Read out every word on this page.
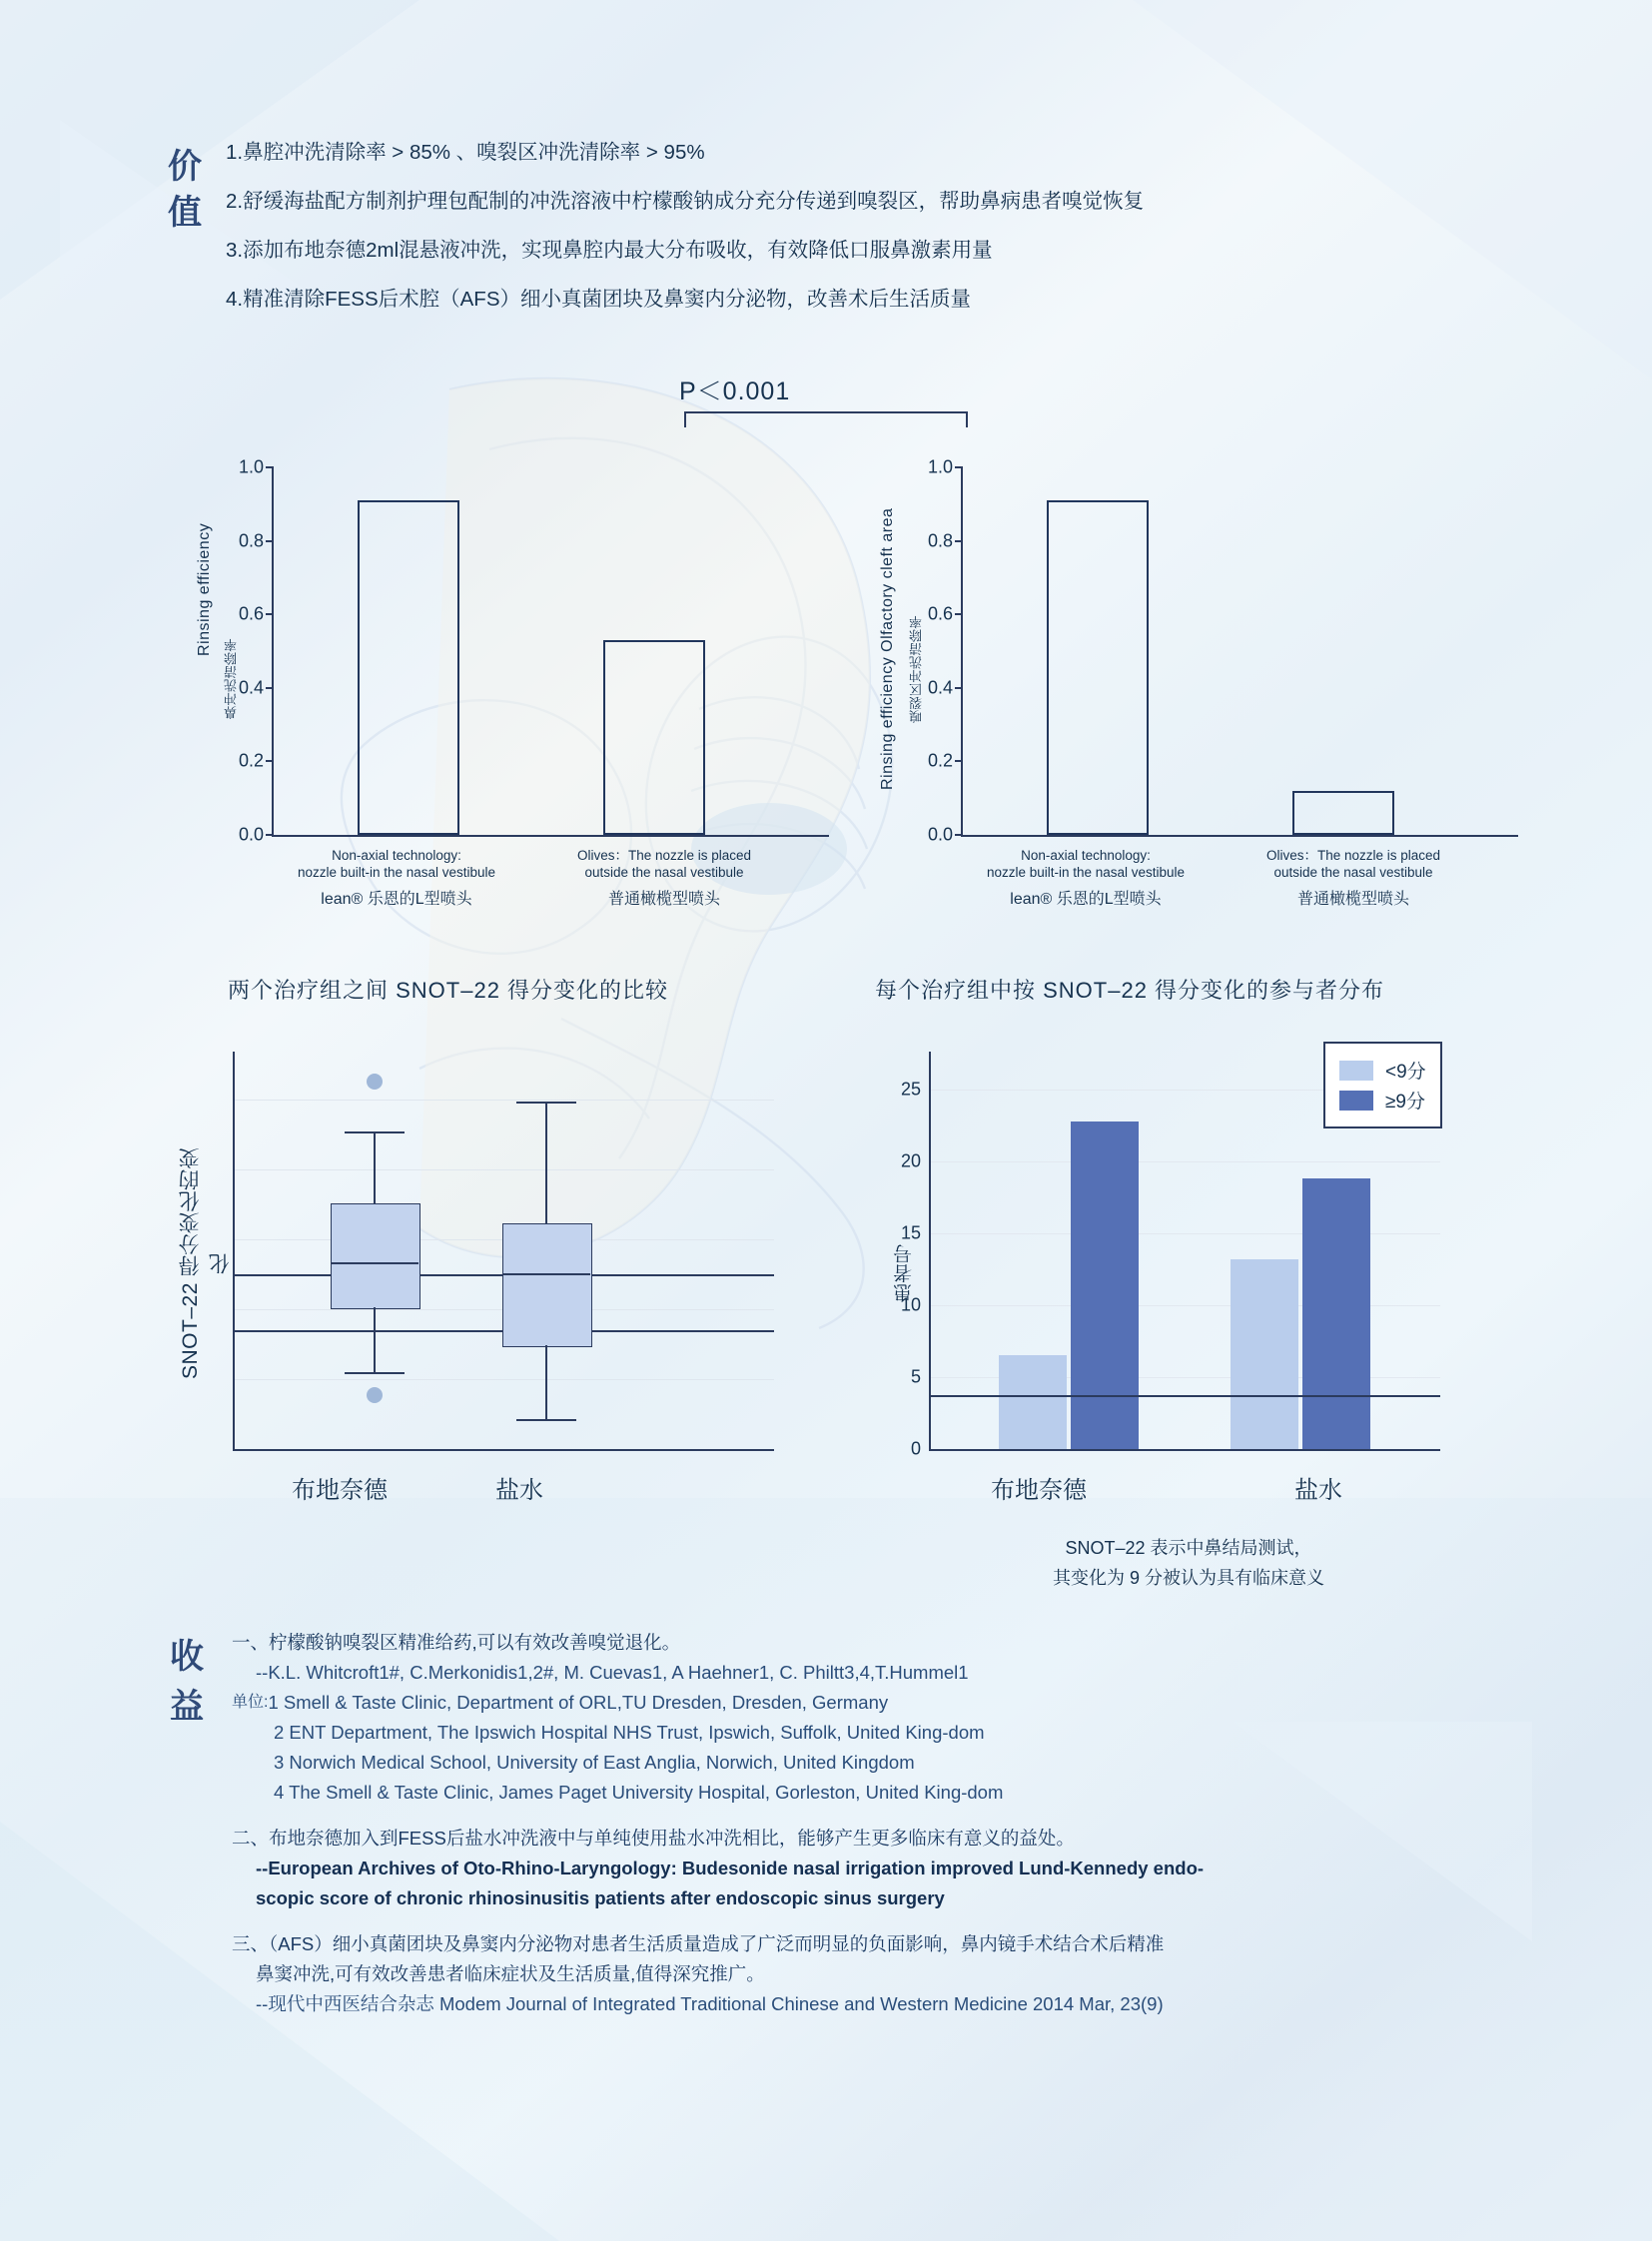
价
值
1.鼻腔冲洗清除率 > 85% 、嗅裂区冲洗清除率 > 95%
2.舒缓海盐配方制剂护理包配制的冲洗溶液中柠檬酸钠成分充分传递到嗅裂区，帮助鼻病患者嗅觉恢复
3.添加布地奈德2ml混悬液冲洗，实现鼻腔内最大分布吸收，有效降低口服鼻激素用量
4.精准清除FESS后术腔（AFS）细小真菌团块及鼻窦内分泌物，改善术后生活质量
P＜0.001
Rinsing efficiency
鼻冲洗清除率
0.0
0.2
0.4
0.6
0.8
1.0
Non-axial technology:
nozzle built-in the nasal vestibule
lean® 乐恩的L型喷头
Olives：The nozzle is placed
outside the nasal vestibule
普通橄榄型喷头
Rinsing efficiency Olfactory cleft area 嗅裂区冲洗清除率
0.0
0.2
0.4
0.6
0.8
1.0
Non-axial technology:
nozzle built-in the nasal vestibule
lean® 乐恩的L型喷头
Olives：The nozzle is placed
outside the nasal vestibule
普通橄榄型喷头
两个治疗组之间 SNOT–22 得分变化的比较	每个治疗组中按 SNOT–22 得分变化的参与者分布
SNOT–22 得分变化的变化
布地奈德	盐水
患者号
0
5
10
15
20
25
<9分
≥9分
布地奈德	盐水
SNOT–22 表示中鼻结局测试，
其变化为 9 分被认为具有临床意义
收
益
一、柠檬酸钠嗅裂区精准给药,可以有效改善嗅觉退化。
--K.L. Whitcroft1#, C.Merkonidis1,2#, M. Cuevas1, A Haehner1, C. Philtt3,4,T.Hummel1
单位: 1 Smell & Taste Clinic, Department of ORL,TU Dresden, Dresden, Germany
2 ENT Department, The Ipswich Hospital NHS Trust, Ipswich, Suffolk, United King-dom
3 Norwich Medical School, University of East Anglia, Norwich, United Kingdom
4 The Smell & Taste Clinic, James Paget University Hospital, Gorleston, United King-dom
二、布地奈德加入到FESS后盐水冲洗液中与单纯使用盐水冲洗相比，能够产生更多临床有意义的益处。
--European Archives of Oto-Rhino-Laryngology: Budesonide nasal irrigation improved Lund-Kennedy endo-
scopic score of chronic rhinosinusitis patients after endoscopic sinus surgery
三、（AFS）细小真菌团块及鼻窦内分泌物对患者生活质量造成了广泛而明显的负面影响，鼻内镜手术结合术后精准
鼻窦冲洗,可有效改善患者临床症状及生活质量,值得深究推广。
--现代中西医结合杂志 Modem Journal of Integrated Traditional Chinese and Western Medicine 2014 Mar, 23(9)
